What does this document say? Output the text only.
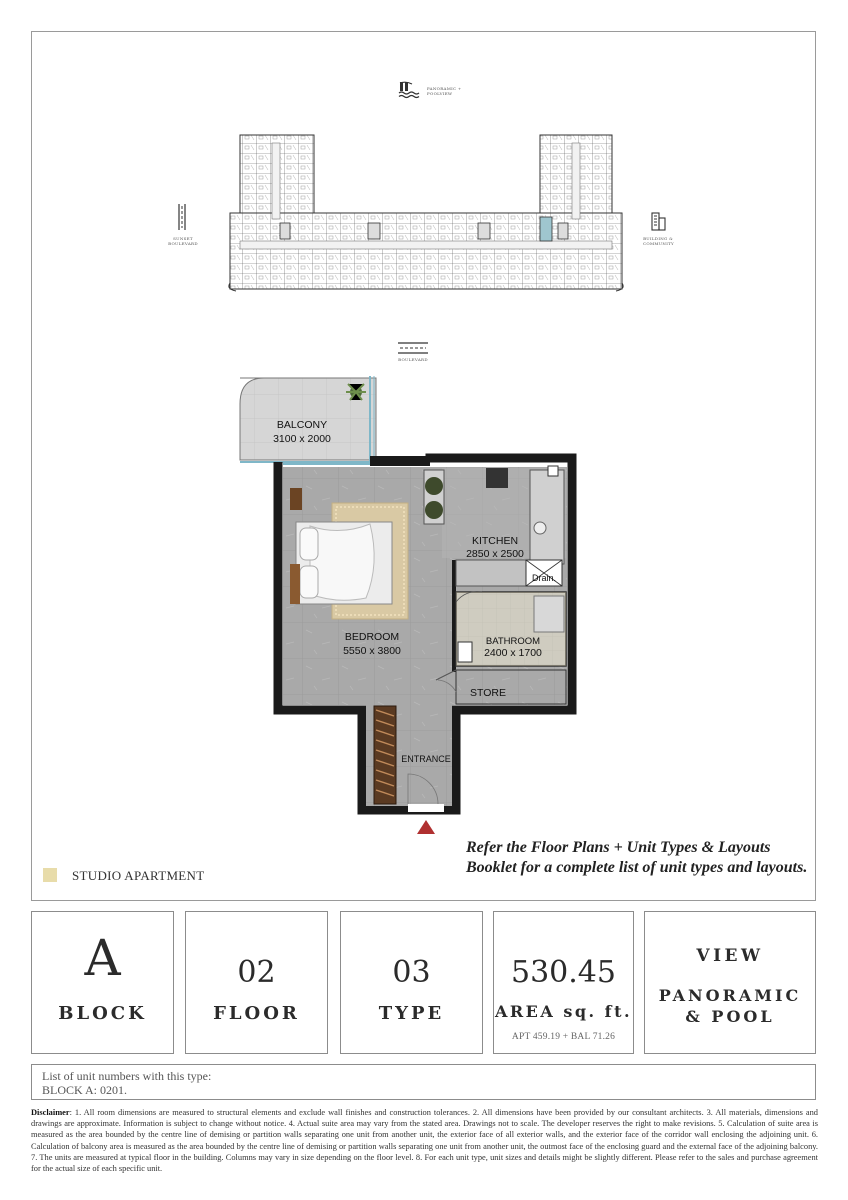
PANORAMIC + POOLVIEW
SUNSET BOULEVARD
BUILDING & COMMUNITY
BOULEVARD
BALCONY
3100 x 2000
KITCHEN
2850 x 2500
Drain.
BATHROOM
2400 x 1700
STORE
BEDROOM
5550 x 3800
ENTRANCE
STUDIO APARTMENT
Refer the Floor Plans + Unit Types & Layouts Booklet for a complete list of unit types and layouts.
A
BLOCK
02
FLOOR
03
TYPE
530.45
AREA sq. ft.
APT 459.19 + BAL 71.26
VIEW
PANORAMIC
& POOL
List of unit numbers with this type:
BLOCK A: 0201.
Disclaimer: 1. All room dimensions are measured to structural elements and exclude wall finishes and construction tolerances. 2. All dimensions have been provided by our consultant architects. 3. All materials, dimensions and drawings are approximate. Information is subject to change without notice. 4. Actual suite area may vary from the stated area. Drawings not to scale. The developer reserves the right to make revisions. 5. Calculation of suite area is measured as the area bounded by the centre line of demising or partition walls separating one unit from another unit, the exterior face of all exterior walls, and the exterior face of the corridor wall enclosing the adjoining unit. 6. Calculation of balcony area is measured as the area bounded by the centre line of demising or partition walls separating one unit from another unit, the outmost face of the enclosing guard and the external face of the adjoining balcony. 7. The units are measured at typical floor in the building. Columns may vary in size depending on the floor level. 8. For each unit type, unit sizes and details might be slightly different. Please refer to the sales and purchase agreement for the actual size of each specific unit.
